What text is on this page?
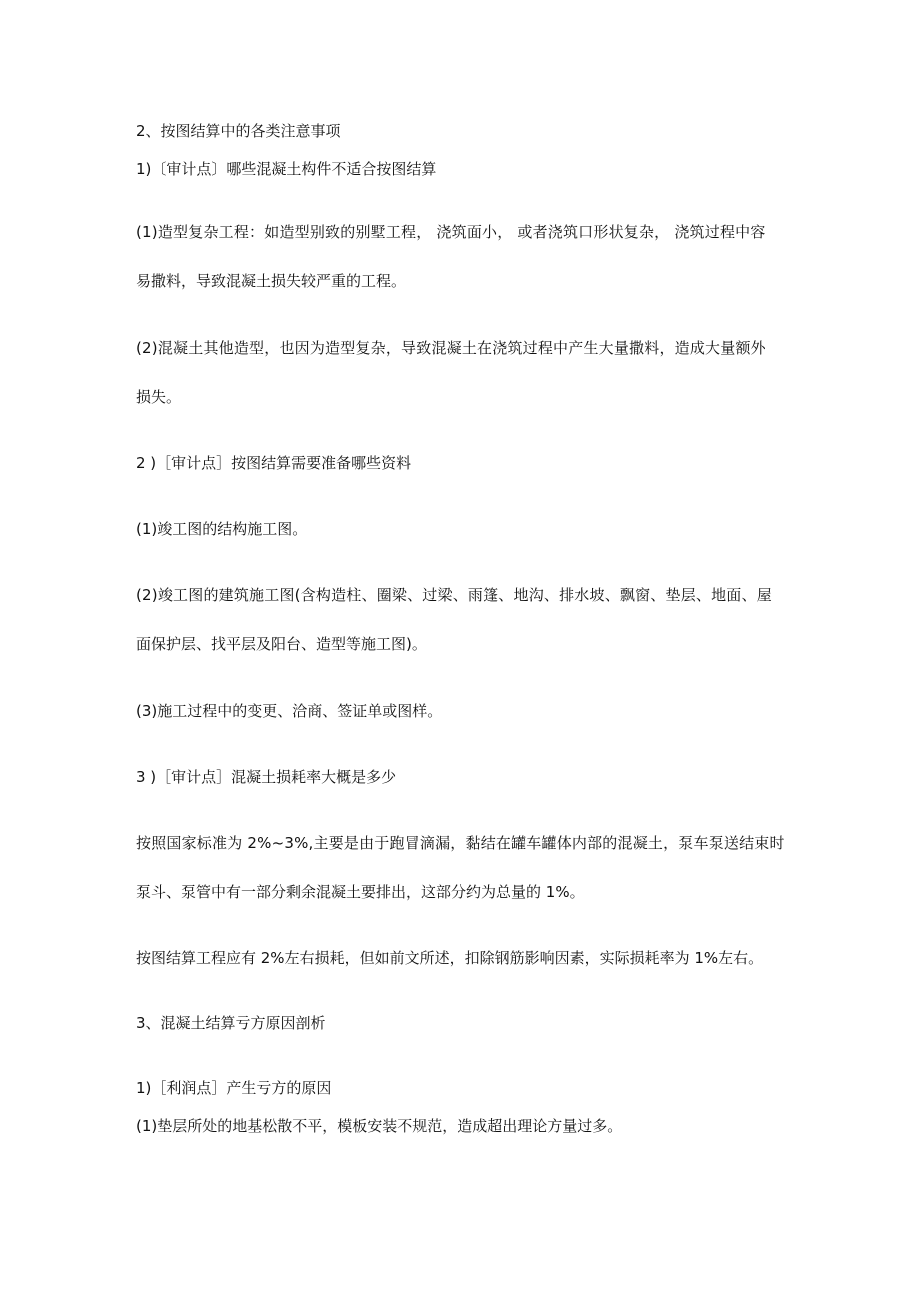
2、按图结算中的各类注意事项

1)〔审计点〕哪些混凝土构件不适合按图结算

(1)造型复杂工程：如造型别致的别墅工程， 浇筑面小， 或者浇筑口形状复杂， 浇筑过程中容

易撒料，导致混凝土损失较严重的工程。

(2)混凝土其他造型，也因为造型复杂，导致混凝土在浇筑过程中产生大量撒料，造成大量额外

损失。

2 )［审计点］按图结算需要准备哪些资料

(1)竣工图的结构施工图。

(2)竣工图的建筑施工图(含构造柱、圈梁、过梁、雨篷、地沟、排水坡、飘窗、垫层、地面、屋

面保护层、找平层及阳台、造型等施工图)。

(3)施工过程中的变更、洽商、签证单或图样。

3 )［审计点］混凝土损耗率大概是多少

按照国家标准为 2%~3%,主要是由于跑冒滴漏，黏结在罐车罐体内部的混凝土，泵车泵送结束时

泵斗、泵管中有一部分剩余混凝土要排出，这部分约为总量的 1%。

按图结算工程应有 2%左右损耗，但如前文所述，扣除钢筋影响因素，实际损耗率为 1%左右。

3、混凝土结算亏方原因剖析

1)［利润点］产生亏方的原因

(1)垫层所处的地基松散不平，模板安装不规范，造成超出理论方量过多。
